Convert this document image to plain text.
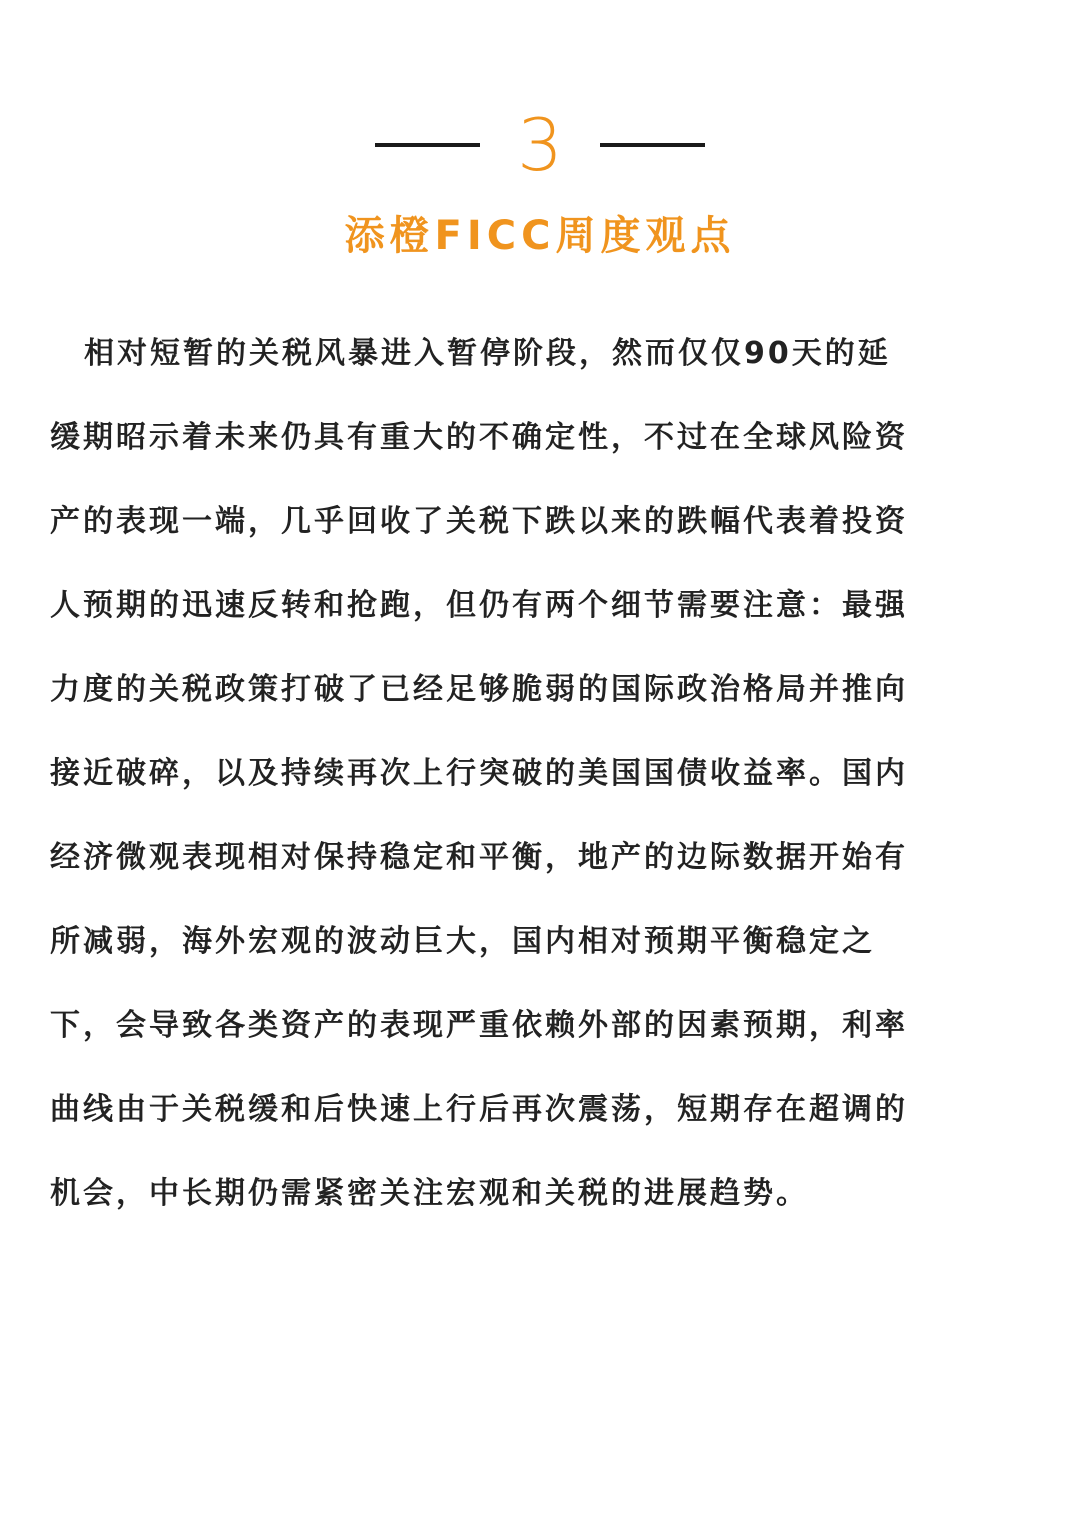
3
添橙FICC周度观点
相对短暂的关税风暴进入暂停阶段，然而仅仅90天的延
缓期昭示着未来仍具有重大的不确定性，不过在全球风险资
产的表现一端，几乎回收了关税下跌以来的跌幅代表着投资
人预期的迅速反转和抢跑，但仍有两个细节需要注意：最强
力度的关税政策打破了已经足够脆弱的国际政治格局并推向
接近破碎，以及持续再次上行突破的美国国债收益率。国内
经济微观表现相对保持稳定和平衡，地产的边际数据开始有
所减弱，海外宏观的波动巨大，国内相对预期平衡稳定之
下，会导致各类资产的表现严重依赖外部的因素预期，利率
曲线由于关税缓和后快速上行后再次震荡，短期存在超调的
机会，中长期仍需紧密关注宏观和关税的进展趋势。
